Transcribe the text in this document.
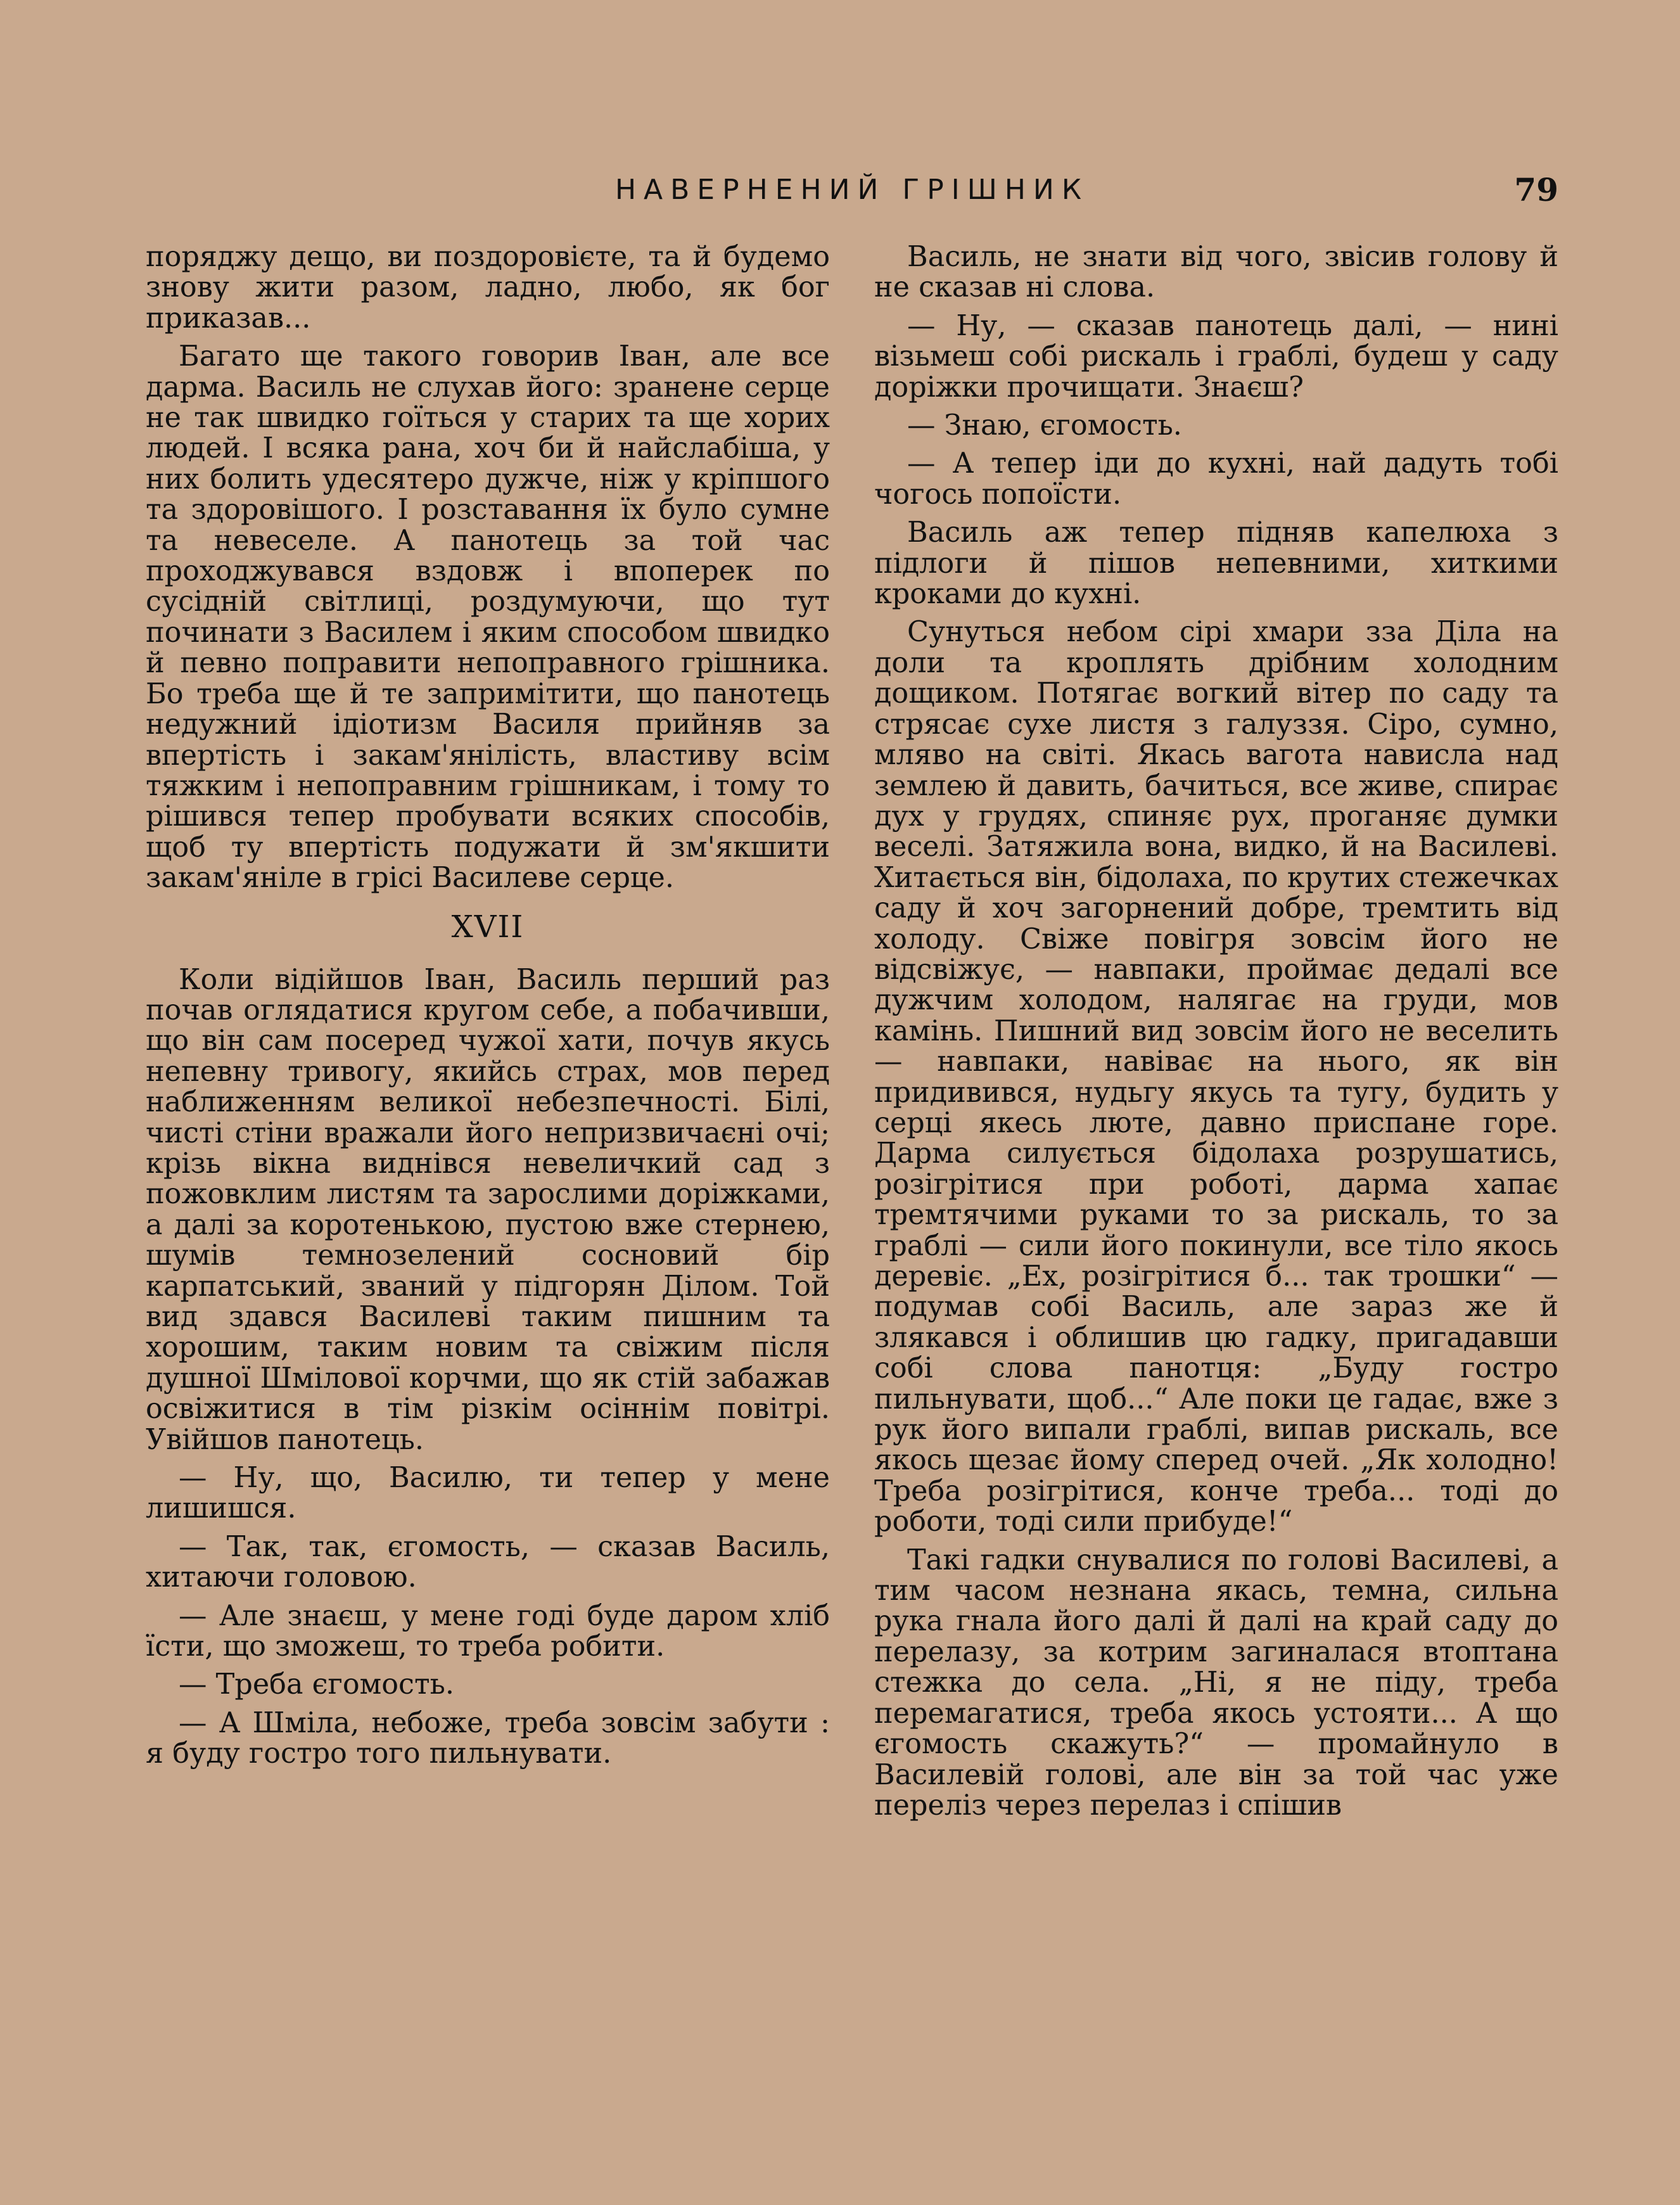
НАВЕРНЕНИЙ ГРІШНИК	79

поряджу дещо, ви поздоровієте, та й будемо знову жити разом, ладно, любо, як бог приказав...

Багато ще такого говорив Іван, але все дарма. Василь не слухав його: зранене серце не так швидко гоїться у старих та ще хорих людей. І всяка рана, хоч би й найслабіша, у них болить удесятеро дужче, ніж у кріпшого та здоровішого. І розставання їх було сумне та невеселе. А панотець за той час проходжувався вздовж і впоперек по сусідній світлиці, роздумуючи, що тут починати з Василем і яким способом швидко й певно поправити непоправного грішника. Бо треба ще й те запримітити, що панотець недужний ідіотизм Василя прийняв за впертість і закам'янілість, властиву всім тяжким і непоправним грішникам, і тому то рішився тепер пробувати всяких способів, щоб ту впертість подужати й зм'якшити закам'яніле в грісі Василеве серце.

XVII

Коли відійшов Іван, Василь перший раз почав оглядатися кругом себе, а побачивши, що він сам посеред чужої хати, почув якусь непевну тривогу, якийсь страх, мов перед наближенням великої небезпечності. Білі, чисті стіни вражали його непризвичаєні очі; крізь вікна виднівся невеличкий сад з пожовклим листям та зарослими доріжками, а далі за коротенькою, пустою вже стернею, шумів темнозелений сосновий бір карпатський, званий у підгорян Ділом. Той вид здався Василеві таким пишним та хорошим, таким новим та свіжим після душної Шмілової корчми, що як стій забажав освіжитися в тім різкім осіннім повітрі. Увійшов панотець.

— Ну, що, Василю, ти тепер у мене лишишся.

— Так, так, єгомость, — сказав Василь, хитаючи головою.

— Але знаєш, у мене годі буде даром хліб їсти, що зможеш, то треба робити.

— Треба єгомость.

— А Шміла, небоже, треба зовсім забути : я буду гостро того пильнувати.

Василь, не знати від чого, звісив голову й не сказав ні слова.

— Ну, — сказав панотець далі, — нині візьмеш собі рискаль і граблі, будеш у саду доріжки прочищати. Знаєш?

— Знаю, єгомость.

— А тепер іди до кухні, най дадуть тобі чогось попоїсти.

Василь аж тепер підняв капелюха з підлоги й пішов непевними, хиткими кроками до кухні.

Сунуться небом сірі хмари зза Діла на доли та кроплять дрібним холодним дощиком. Потягає вогкий вітер по саду та стрясає сухе листя з галуззя. Сіро, сумно, мляво на світі. Якась вагота нависла над землею й давить, бачиться, все живе, спирає дух у грудях, спиняє рух, проганяє думки веселі. Затяжила вона, видко, й на Василеві. Хитається він, бідолаха, по крутих стежечках саду й хоч загорнений добре, тремтить від холоду. Свіже повігря зовсім його не відсвіжує, — навпаки, проймає дедалі все дужчим холодом, налягає на груди, мов камінь. Пишний вид зовсім його не веселить — навпаки, навіває на нього, як він придивився, нудьгу якусь та тугу, будить у серці якесь люте, давно приспане горе. Дарма силується бідолаха розрушатись, розігрітися при роботі, дарма хапає тремтячими руками то за рискаль, то за граблі — сили його покинули, все тіло якось деревіє. „Ех, розігрітися б... так трошки“ — подумав собі Василь, але зараз же й злякався і облишив цю гадку, пригадавши собі слова панотця: „Буду гостро пильнувати, щоб...“ Але поки це гадає, вже з рук його випали граблі, випав рискаль, все якось щезає йому сперед очей. „Як холодно! Треба розігрітися, конче треба... тоді до роботи, тоді сили прибуде!“

Такі гадки снувалися по голові Василеві, а тим часом незнана якась, темна, сильна рука гнала його далі й далі на край саду до перелазу, за котрим загиналася втоптана стежка до села. „Ні, я не піду, треба перемагатися, треба якось устояти... А що єгомость скажуть?“ — промайнуло в Василевій голові, але він за той час уже переліз через перелаз і спішив
